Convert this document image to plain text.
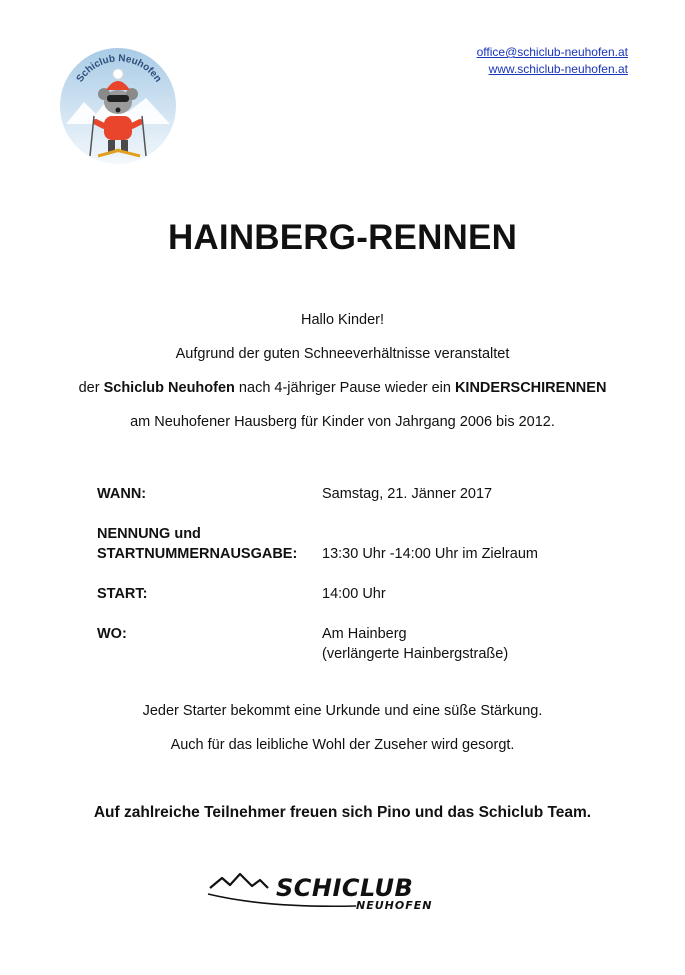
Schiclub Neuhofen
office@schiclub-neuhofen.at
www.schiclub-neuhofen.at
HAINBERG-RENNEN

Hallo Kinder!

Aufgrund der guten Schneeverhältnisse veranstaltet

der Schiclub Neuhofen nach 4-jähriger Pause wieder ein KINDERSCHIRENNEN

am Neuhofener Hausberg für Kinder von Jahrgang 2006 bis 2012.

WANN:	Samstag, 21. Jänner 2017
NENNUNG und
STARTNUMMERNAUSGABE: 13:30 Uhr -14:00 Uhr im Zielraum
START:	14:00 Uhr
WO:	Am Hainberg
(verlängerte Hainbergstraße)

Jeder Starter bekommt eine Urkunde und eine süße Stärkung.

Auch für das leibliche Wohl der Zuseher wird gesorgt.

Auf zahlreiche Teilnehmer freuen sich Pino und das Schiclub Team.
SCHICLUB
NEUHOFEN
